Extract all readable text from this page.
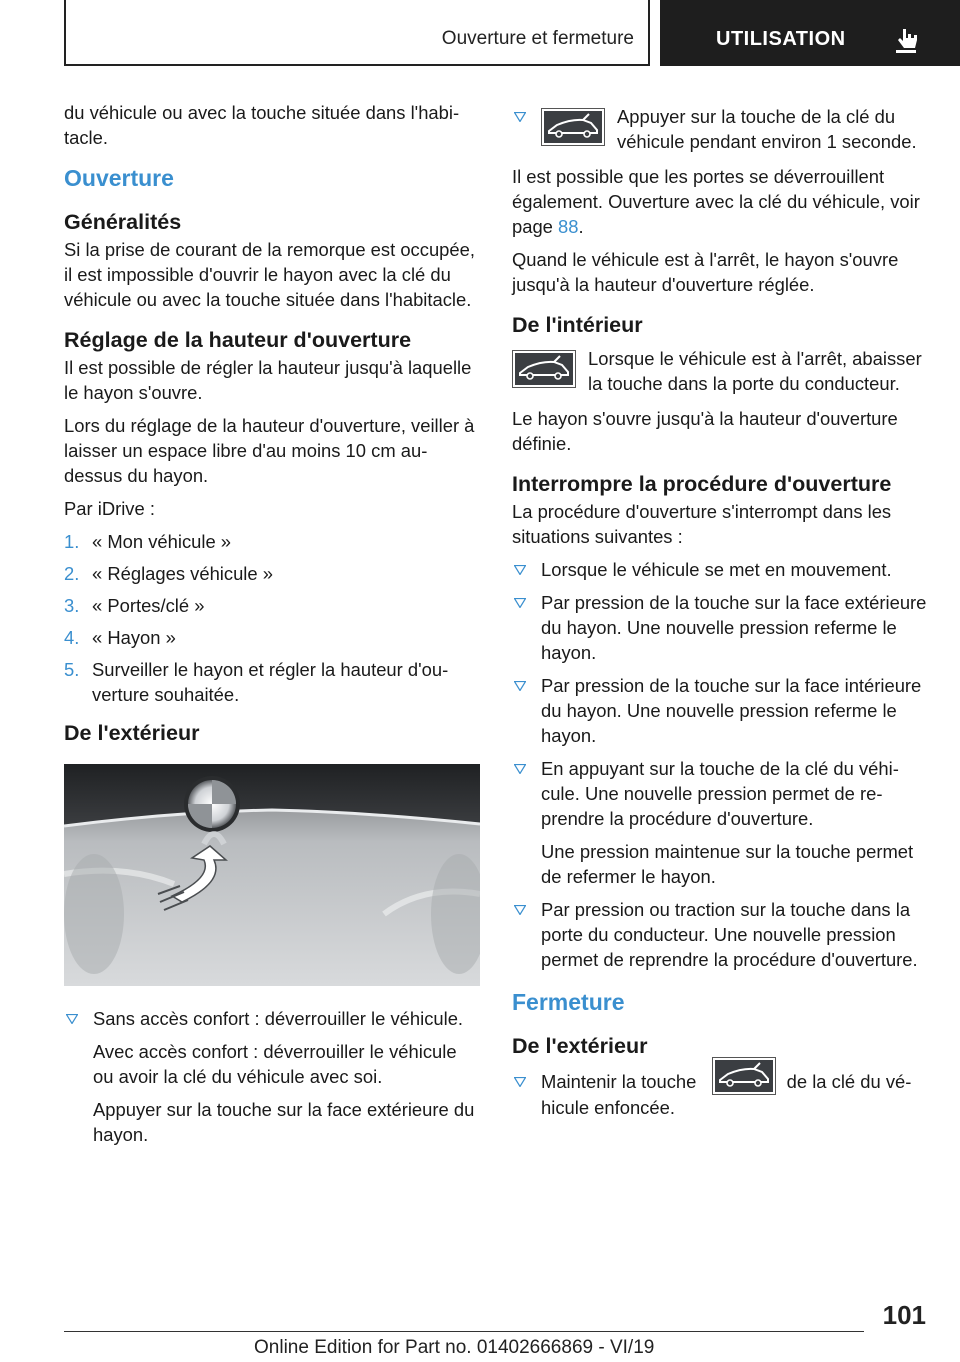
Ouverture et fermeture	UTILISATION

du véhicule ou avec la touche située dans l'habitacle.

Ouverture
Généralités

Si la prise de courant de la remorque est occupée, il est impossible d'ouvrir le hayon avec la clé du véhicule ou avec la touche située dans l'habitacle.

Réglage de la hauteur d'ouverture

Il est possible de régler la hauteur jusqu'à laquelle le hayon s'ouvre.

Lors du réglage de la hauteur d'ouverture, veiller à laisser un espace libre d'au moins 10 cm au-dessus du hayon.

Par iDrive :

1. « Mon véhicule »
2. « Réglages véhicule »
3. « Portes/clé »
4. « Hayon »
5. Surveiller le hayon et régler la hauteur d'ouverture souhaitée.
De l'extérieur
Sans accès confort : déverrouiller le véhicule.

Avec accès confort : déverrouiller le véhicule ou avoir la clé du véhicule avec soi.

Appuyer sur la touche sur la face extérieure du hayon.

Appuyer sur la touche de la clé du véhicule pendant environ 1 seconde.

Il est possible que les portes se déverrouillent également. Ouverture avec la clé du véhicule, voir page 88.

Quand le véhicule est à l'arrêt, le hayon s'ouvre jusqu'à la hauteur d'ouverture réglée.

De l'intérieur
Lorsque le véhicule est à l'arrêt, abaisser la touche dans la porte du conducteur.

Le hayon s'ouvre jusqu'à la hauteur d'ouverture définie.

Interrompre la procédure d'ouverture

La procédure d'ouverture s'interrompt dans les situations suivantes :

Lorsque le véhicule se met en mouvement.
Par pression de la touche sur la face extérieure du hayon. Une nouvelle pression referme le hayon.
Par pression de la touche sur la face intérieure du hayon. Une nouvelle pression referme le hayon.
En appuyant sur la touche de la clé du véhicule. Une nouvelle pression permet de reprendre la procédure d'ouverture.

Une pression maintenue sur la touche permet de refermer le hayon.

Par pression ou traction sur la touche dans la porte du conducteur. Une nouvelle pression permet de reprendre la procédure d'ouverture.
Fermeture
De l'extérieur
Maintenir la touche	de la clé du véhicule enfoncée.
101
Online Edition for Part no. 01402666869 - VI/19
